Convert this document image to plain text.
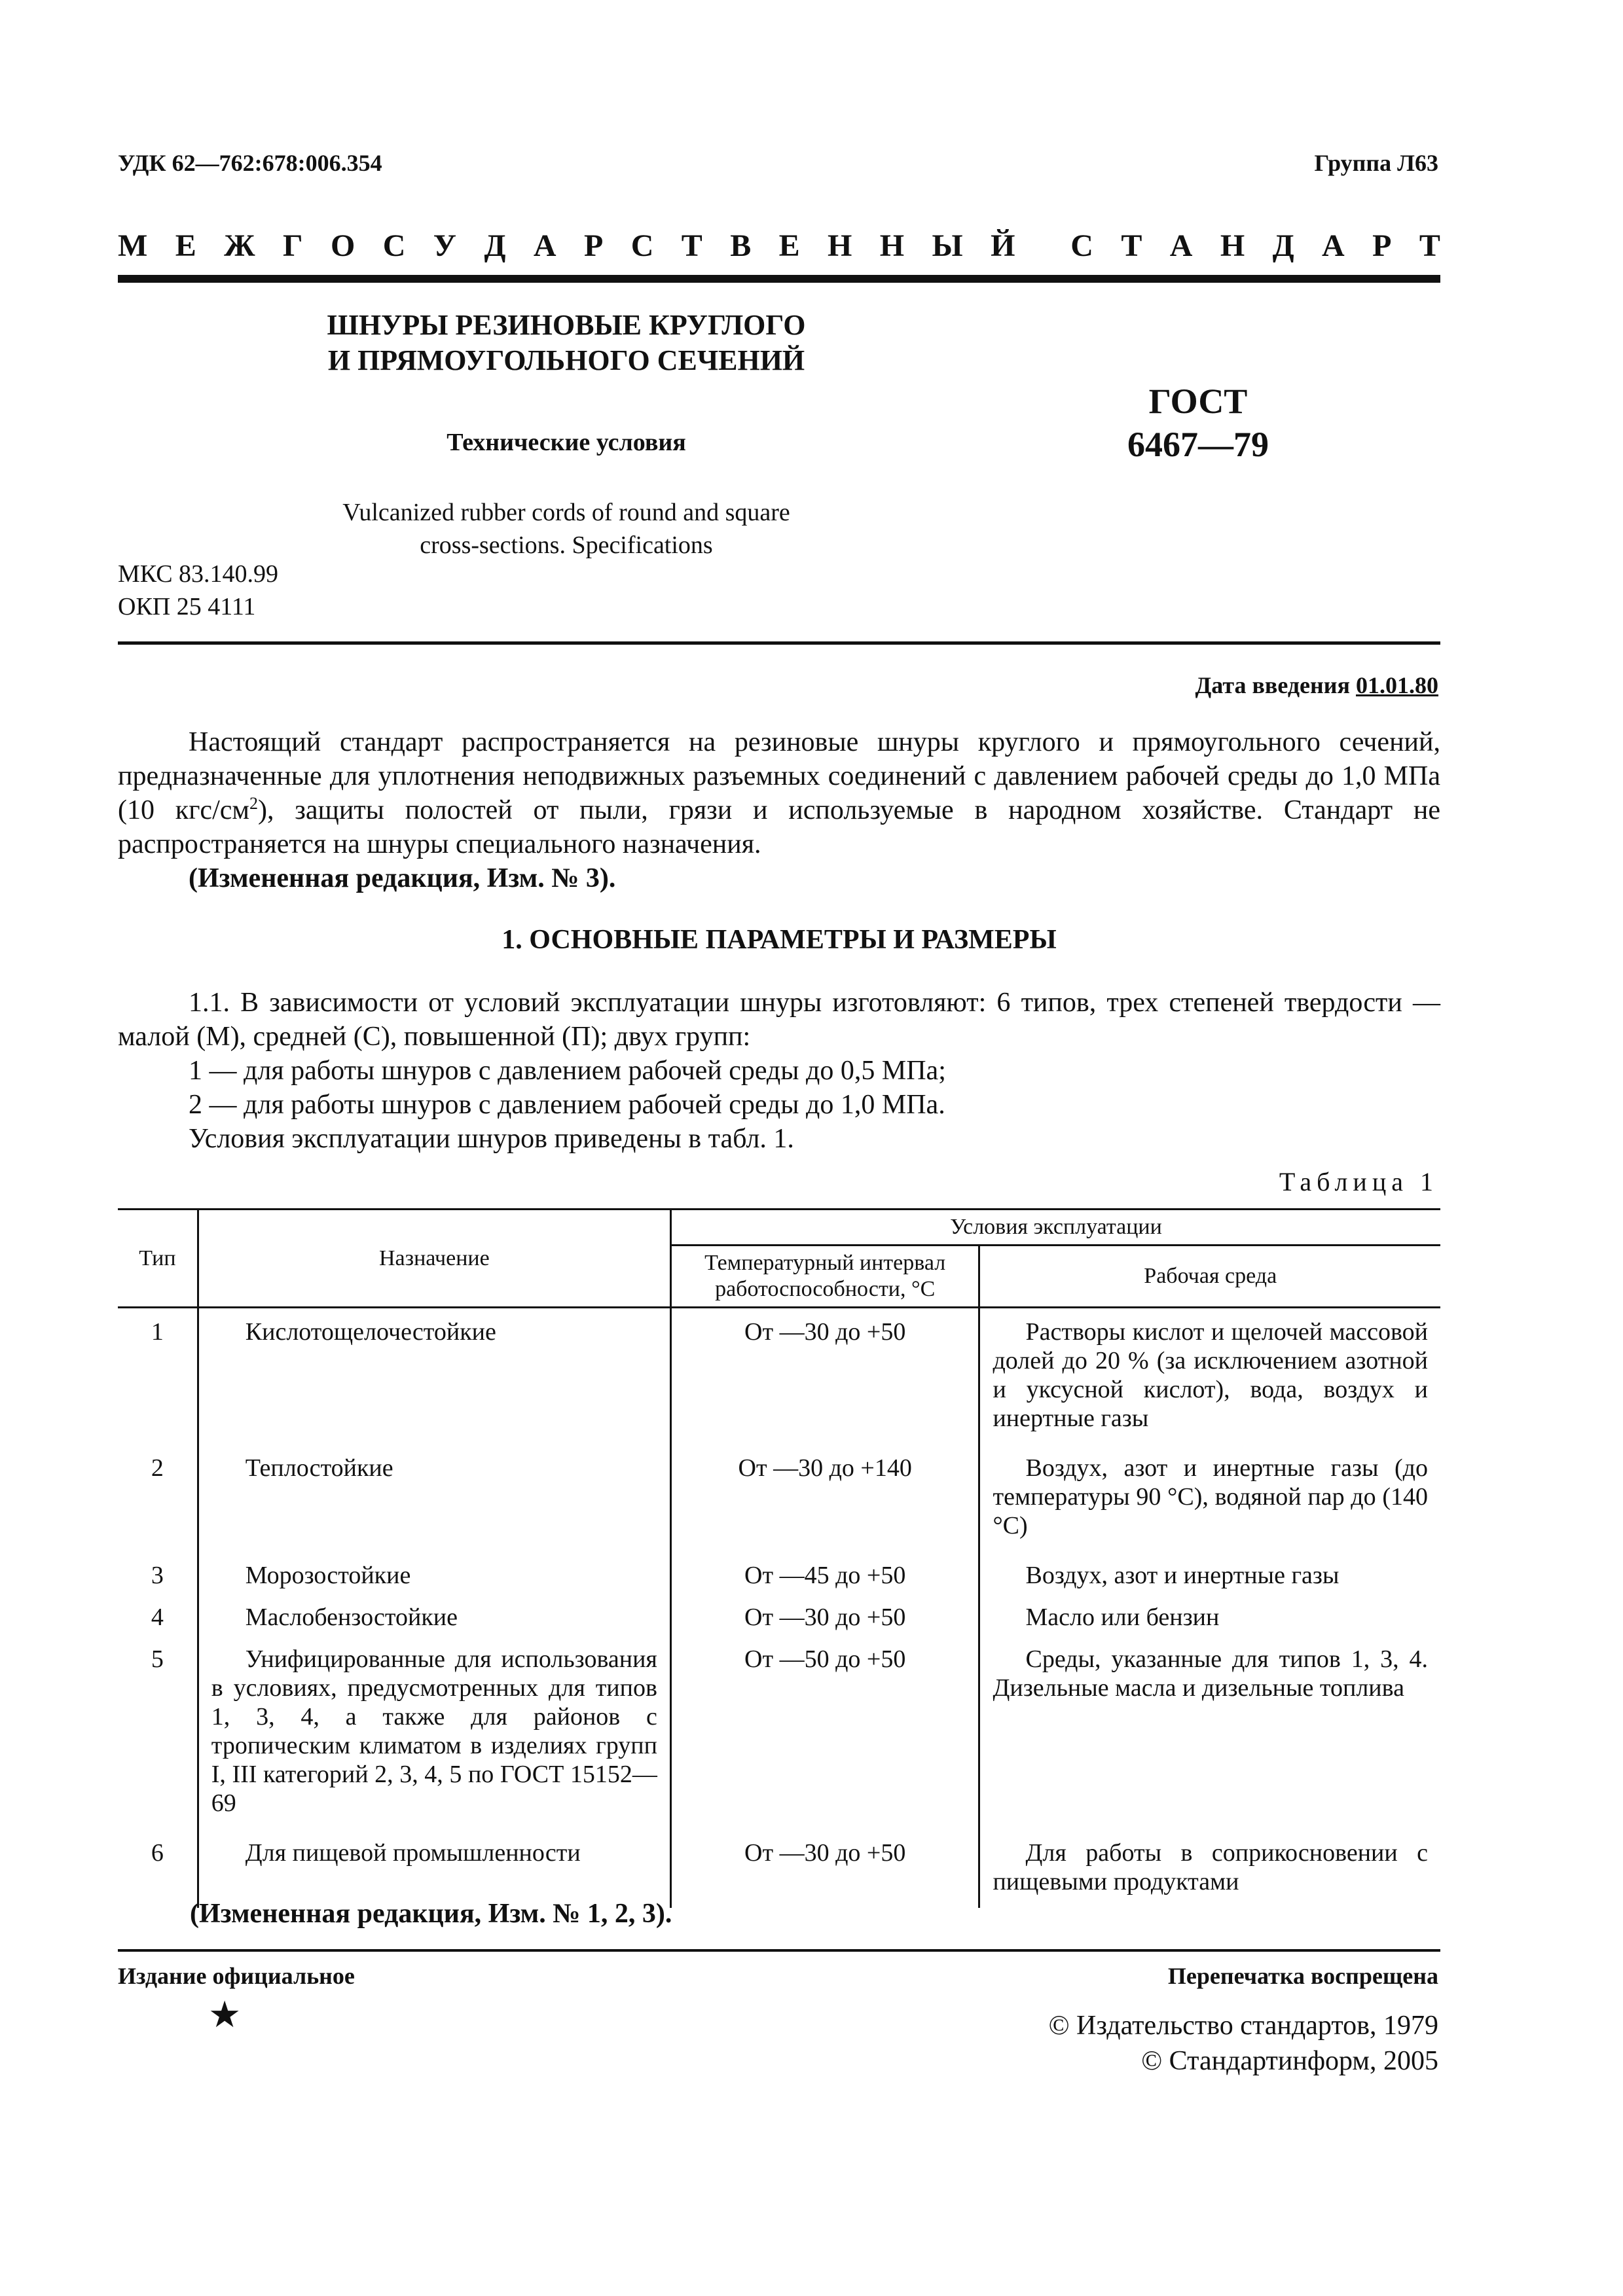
УДК 62—762:678:006.354	Группа Л63
М Е Ж Г О С У Д А Р С Т В Е Н Н Ы Й С Т А Н Д А Р Т
ШНУРЫ РЕЗИНОВЫЕ КРУГЛОГО
И ПРЯМОУГОЛЬНОГО СЕЧЕНИЙ
Технические условия
Vulcanized rubber cords of round and square
cross-sections. Specifications
ГОСТ
6467—79
МКС 83.140.99
ОКП 25 4111
Дата введения 01.01.80
Настоящий стандарт распространяется на резиновые шнуры круглого и прямоугольного сечений, предназначенные для уплотнения неподвижных разъемных соединений с давлением рабочей среды до 1,0 МПа (10 кгс/$см^2$), защиты полостей от пыли, грязи и используемые в народном хозяйстве. Стандарт не распространяется на шнуры специального назначения.
(Измененная редакция, Изм. № 3).
1. ОСНОВНЫЕ ПАРАМЕТРЫ И РАЗМЕРЫ
1.1. В зависимости от условий эксплуатации шнуры изготовляют: 6 типов, трех степеней твердости — малой (М), средней (С), повышенной (П); двух групп:
1 — для работы шнуров с давлением рабочей среды до 0,5 МПа;
2 — для работы шнуров с давлением рабочей среды до 1,0 МПа.
Условия эксплуатации шнуров приведены в табл. 1.
Таблица 1
Тип	Назначение	Условия эксплуатации	
		Температурный интервал работоспособности, °С	Рабочая среда
1	Кислотощелочестойкие	От —30 до +50	Растворы кислот и щелочей массовой долей до 20 % (за исключением азотной и уксусной кислот), вода, воздух и инертные газы

2	Теплостойкие	От —30 до +140	Воздух, азот и инертные газы (до температуры 90 °С), водяной пар до (140 °С)

3	Морозостойкие	От —45 до +50	Воздух, азот и инертные газы

4	Маслобензостойкие	От —30 до +50	Масло или бензин

5	Унифицированные для использования в условиях, предусмотренных для типов 1, 3, 4, а также для районов с тропическим климатом в изделиях групп I, III категорий 2, 3, 4, 5 по ГОСТ 15152—69	От —50 до +50	Среды, указанные для типов 1, 3, 4. Дизельные масла и дизельные топлива

6	Для пищевой промышленности	От —30 до +50	Для работы в соприкосновении с пищевыми продуктами
(Измененная редакция, Изм. № 1, 2, 3).
Издание официальное	Перепечатка воспрещена
★	© Издательство стандартов, 1979
© Стандартинформ, 2005
